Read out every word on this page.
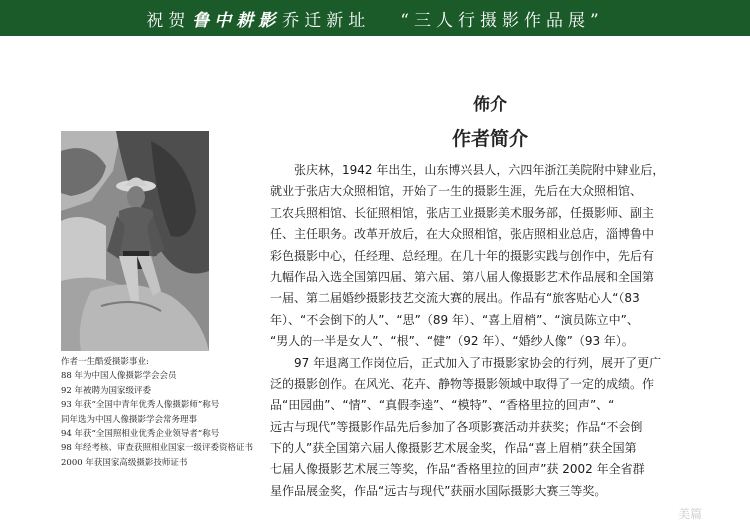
祝贺 鲁中耕影 乔迁新址 “三人行摄影作品展”
佈介
作者简介
作者一生酷爱摄影事业:
88 年为中国人像摄影学会会员
92 年被聘为国家级评委
93 年获“全国中青年优秀人像摄影师”称号
同年选为中国人像摄影学会常务理事
94 年获“全国照相业优秀企业领导者”称号
98 年经考核、审查获照相业国家一级评委资格证书
2000 年获国家高级摄影技师证书
　　张庆林，1942 年出生，山东博兴县人，六四年浙江美院附中肄业后，
就业于张店大众照相馆，开始了一生的摄影生涯，先后在大众照相馆、
工农兵照相馆、长征照相馆，张店工业摄影美术服务部，任摄影师、副主
任、主任职务。改革开放后，在大众照相馆，张店照相业总店，淄博鲁中
彩色摄影中心，任经理、总经理。在几十年的摄影实践与创作中，先后有
九幅作品入选全国第四届、第六届、第八届人像摄影艺术作品展和全国第
一届、第二届婚纱摄影技艺交流大赛的展出。作品有“旅客贴心人“（83
年）、“不会倒下的人”、“思”（89 年）、“喜上眉梢”、“演员陈立中”、
“男人的一半是女人”、“根”、“健”（92 年）、“婚纱人像”（93 年）。
　　97 年退离工作岗位后，正式加入了市摄影家协会的行列，展开了更广
泛的摄影创作。在风光、花卉、静物等摄影领域中取得了一定的成绩。作
品“田园曲”、“情”、“真假李逵”、“模特”、“香格里拉的回声”、“
远古与现代”等摄影作品先后参加了各项影赛活动并获奖；作品“不会倒
下的人”获全国第六届人像摄影艺术展金奖，作品“喜上眉梢”获全国第
七届人像摄影艺术展三等奖，作品“香格里拉的回声”获 2002 年全省群
星作品展金奖，作品“远古与现代”获丽水国际摄影大赛三等奖。
美篇
